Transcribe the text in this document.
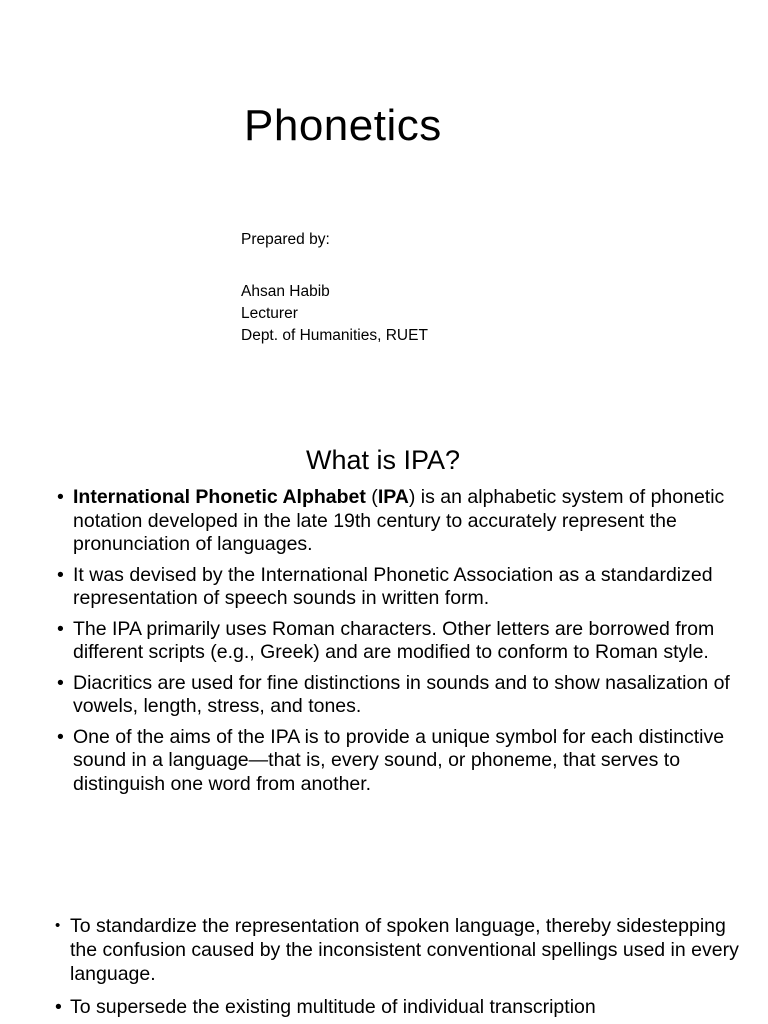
Phonetics
Prepared by:
Ahsan Habib
Lecturer
Dept. of Humanities, RUET
What is IPA?
• International Phonetic Alphabet (IPA) is an alphabetic system of phonetic notation developed in the late 19th century to accurately represent the pronunciation of languages.
• It was devised by the International Phonetic Association as a standardized representation of speech sounds in written form.
• The IPA primarily uses Roman characters. Other letters are borrowed from different scripts (e.g., Greek) and are modified to conform to Roman style.
• Diacritics are used for fine distinctions in sounds and to show nasalization of vowels, length, stress, and tones.
• One of the aims of the IPA is to provide a unique symbol for each distinctive sound in a language—that is, every sound, or phoneme, that serves to distinguish one word from another.
• To standardize the representation of spoken language, thereby sidestepping the confusion caused by the inconsistent conventional spellings used in every language.
• To supersede the existing multitude of individual transcription
